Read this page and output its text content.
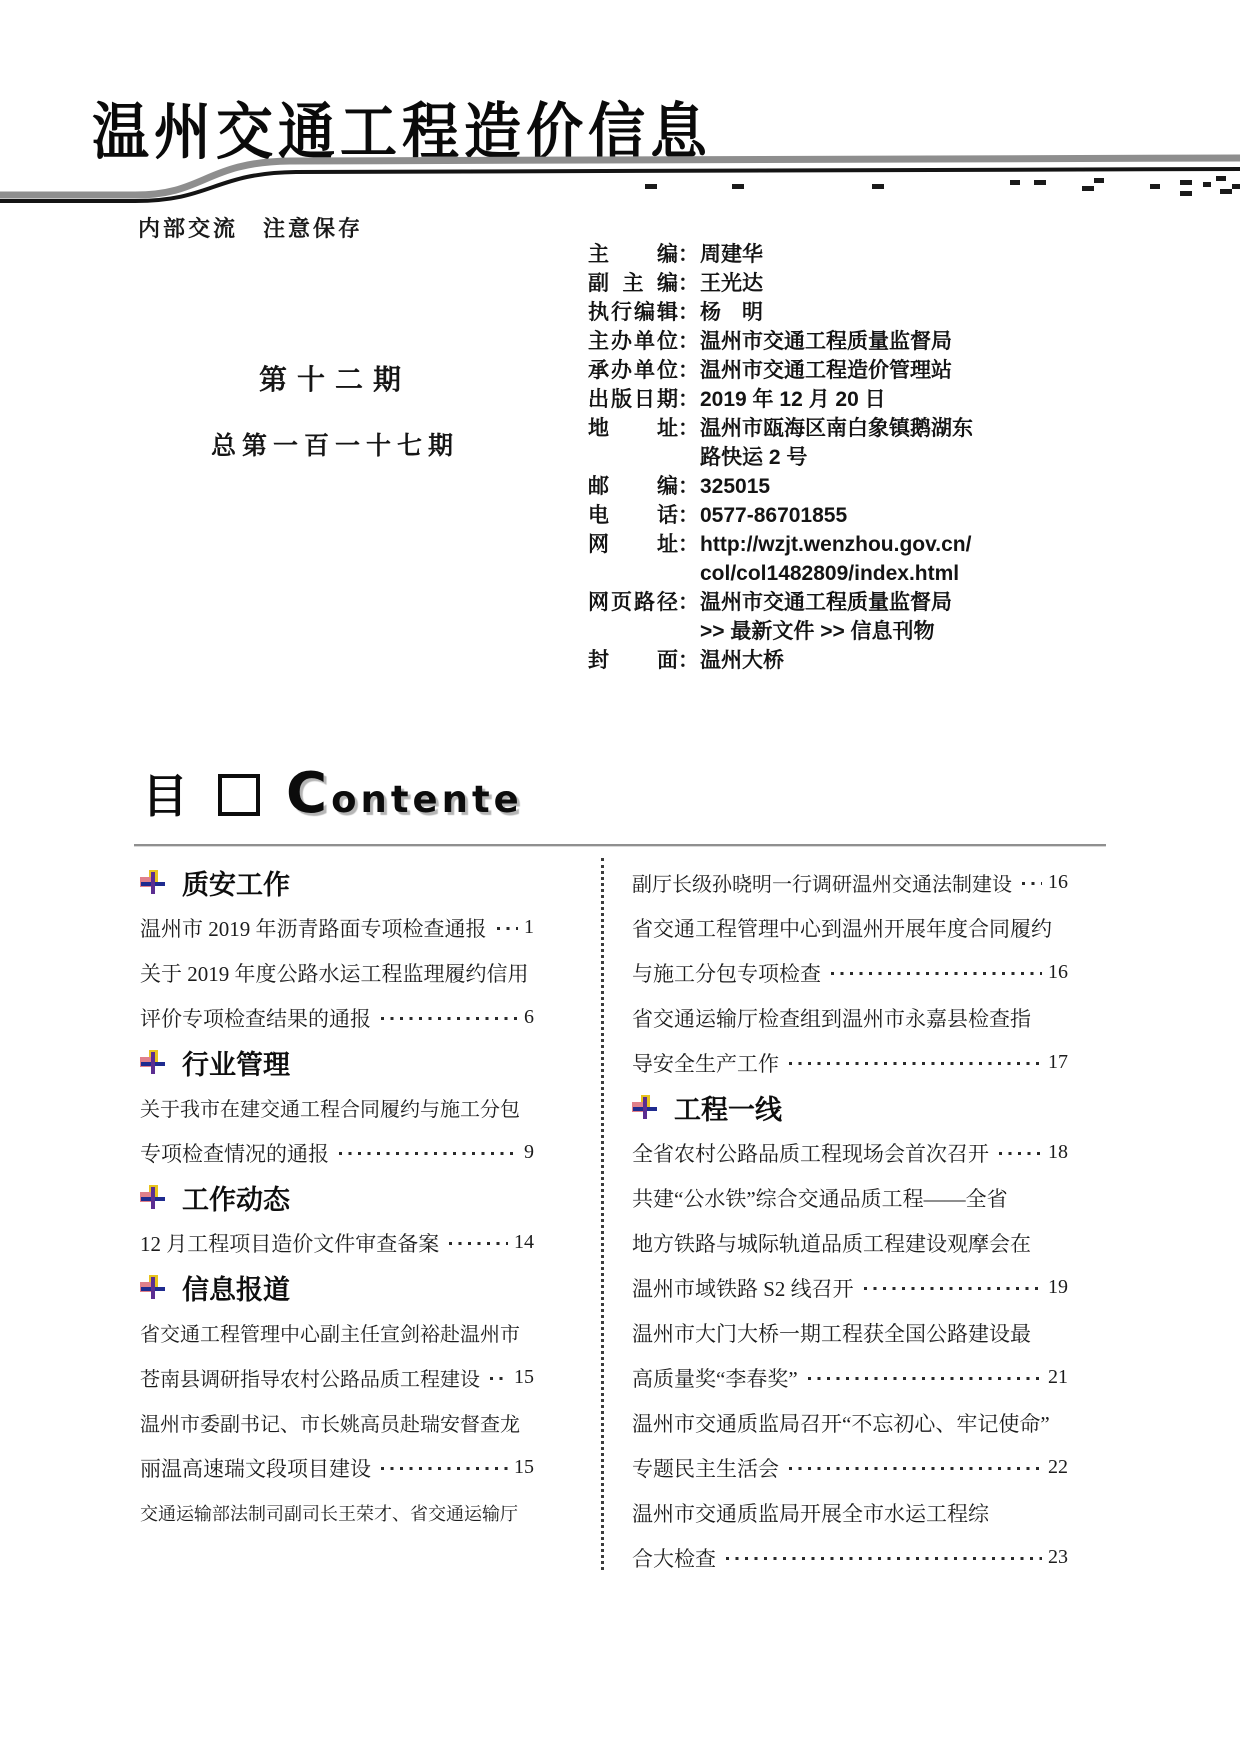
温州交通工程造价信息
内部交流　注意保存
第十二期
总第一百一十七期
主编：周建华
副主编：王光达
执行编辑：杨　明
主办单位：温州市交通工程质量监督局
承办单位：温州市交通工程造价管理站
出版日期：2019 年 12 月 20 日
地址：温州市瓯海区南白象镇鹅湖东
路快运 2 号
邮编：325015
电话：0577-86701855
网址：http://wzjt.wenzhou.gov.cn/
col/col1482809/index.html
网页路径：温州市交通工程质量监督局
>> 最新文件 >> 信息刊物
封面：温州大桥
目 Contente
质安工作
温州市 2019 年沥青路面专项检查通报 1
关于 2019 年度公路水运工程监理履约信用
评价专项检查结果的通报	6
行业管理
关于我市在建交通工程合同履约与施工分包
专项检查情况的通报	9
工作动态
12 月工程项目造价文件审查备案	14
信息报道
省交通工程管理中心副主任宣剑裕赴温州市
苍南县调研指导农村公路品质工程建设 15
温州市委副书记、市长姚高员赴瑞安督查龙
丽温高速瑞文段项目建设	15
交通运输部法制司副司长王荣才、省交通运输厅
副厅长级孙晓明一行调研温州交通法制建设 16
省交通工程管理中心到温州开展年度合同履约
与施工分包专项检查	16
省交通运输厅检查组到温州市永嘉县检查指
导安全生产工作	17
工程一线
全省农村公路品质工程现场会首次召开	18
共建“公水铁”综合交通品质工程——全省
地方铁路与城际轨道品质工程建设观摩会在
温州市域铁路 S2 线召开	19
温州市大门大桥一期工程获全国公路建设最
高质量奖“李春奖”	21
温州市交通质监局召开“不忘初心、牢记使命”
专题民主生活会	22
温州市交通质监局开展全市水运工程综
合大检查	23
